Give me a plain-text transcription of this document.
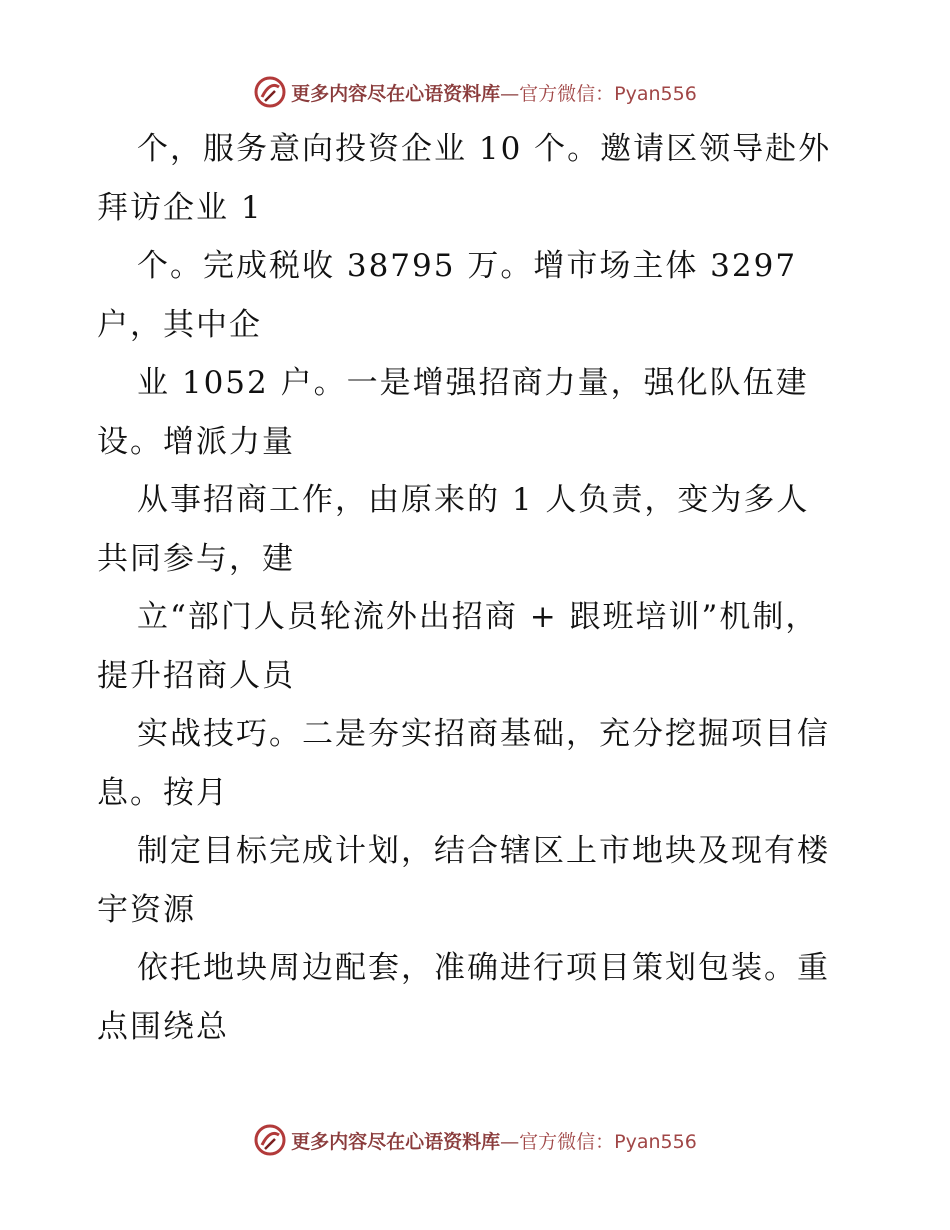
更多内容尽在心语资料库—官方微信：Pyan556
个，服务意向投资企业 10 个。邀请区领导赴外
拜访企业 1
个。完成税收 38795 万。增市场主体 3297
户，其中企
业 1052 户。一是增强招商力量，强化队伍建
设。增派力量
从事招商工作，由原来的 1 人负责，变为多人
共同参与，建
立“部门人员轮流外出招商 + 跟班培训”机制，
提升招商人员
实战技巧。二是夯实招商基础，充分挖掘项目信
息。按月
制定目标完成计划，结合辖区上市地块及现有楼
宇资源
依托地块周边配套，准确进行项目策划包装。重
点围绕总
更多内容尽在心语资料库—官方微信：Pyan556
